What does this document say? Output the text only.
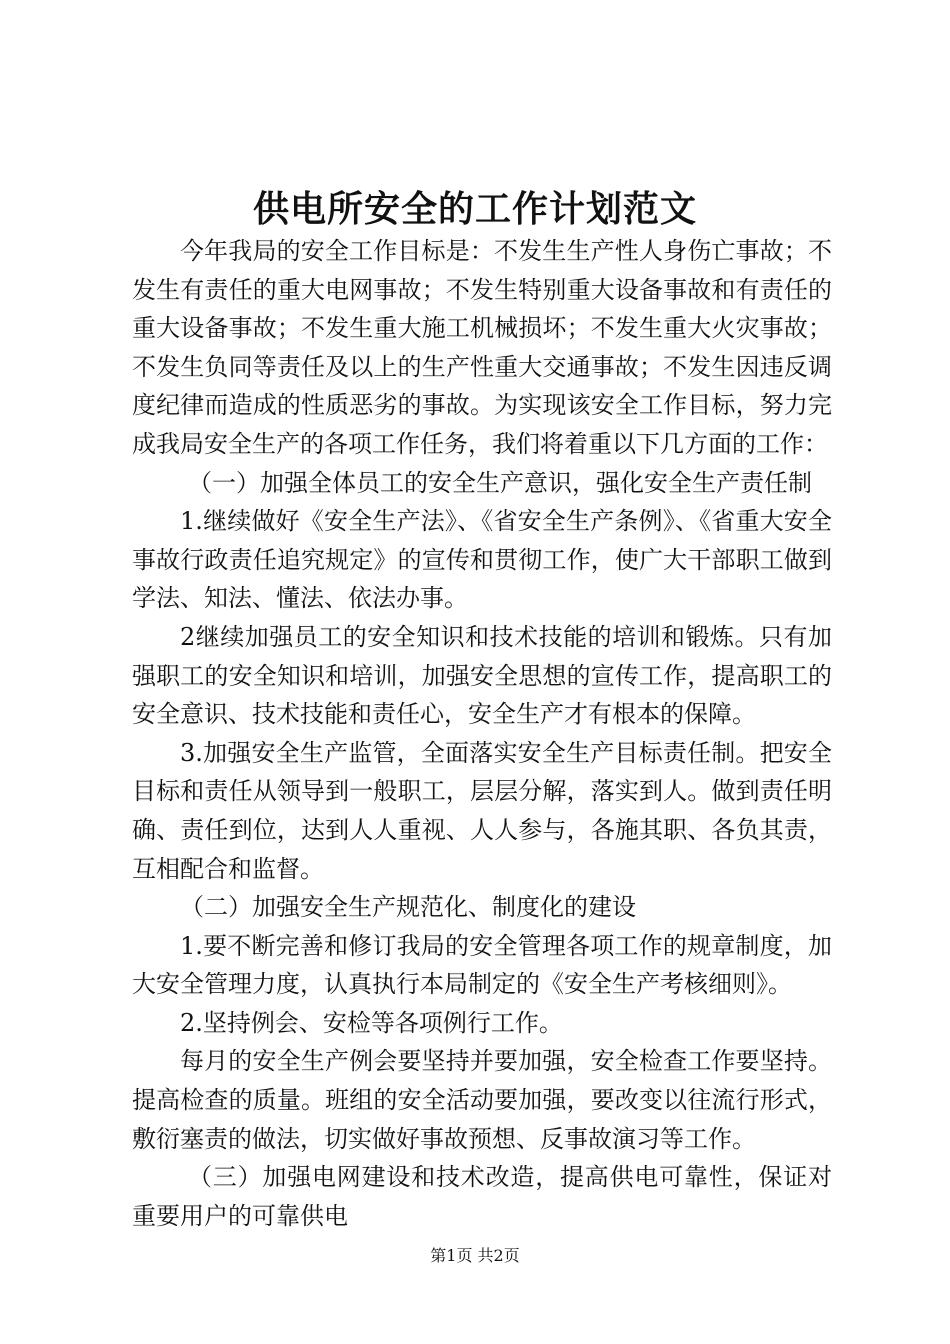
供电所安全的工作计划范文

今年我局的安全工作目标是：不发生生产性人身伤亡事故；不发生有责任的重大电网事故；不发生特别重大设备事故和有责任的重大设备事故；不发生重大施工机械损坏；不发生重大火灾事故；不发生负同等责任及以上的生产性重大交通事故；不发生因违反调度纪律而造成的性质恶劣的事故。为实现该安全工作目标，努力完成我局安全生产的各项工作任务，我们将着重以下几方面的工作：

（一）加强全体员工的安全生产意识，强化安全生产责任制

1.继续做好《安全生产法》、《省安全生产条例》、《省重大安全事故行政责任追究规定》的宣传和贯彻工作，使广大干部职工做到学法、知法、懂法、依法办事。

2继续加强员工的安全知识和技术技能的培训和锻炼。只有加强职工的安全知识和培训，加强安全思想的宣传工作，提高职工的安全意识、技术技能和责任心，安全生产才有根本的保障。

3.加强安全生产监管，全面落实安全生产目标责任制。把安全目标和责任从领导到一般职工，层层分解，落实到人。做到责任明确、责任到位，达到人人重视、人人参与，各施其职、各负其责，互相配合和监督。

（二）加强安全生产规范化、制度化的建设

1.要不断完善和修订我局的安全管理各项工作的规章制度，加大安全管理力度，认真执行本局制定的《安全生产考核细则》。

2.坚持例会、安检等各项例行工作。

每月的安全生产例会要坚持并要加强，安全检查工作要坚持。提高检查的质量。班组的安全活动要加强，要改变以往流行形式，敷衍塞责的做法，切实做好事故预想、反事故演习等工作。

（三）加强电网建设和技术改造，提高供电可靠性，保证对重要用户的可靠供电

第1页 共2页
